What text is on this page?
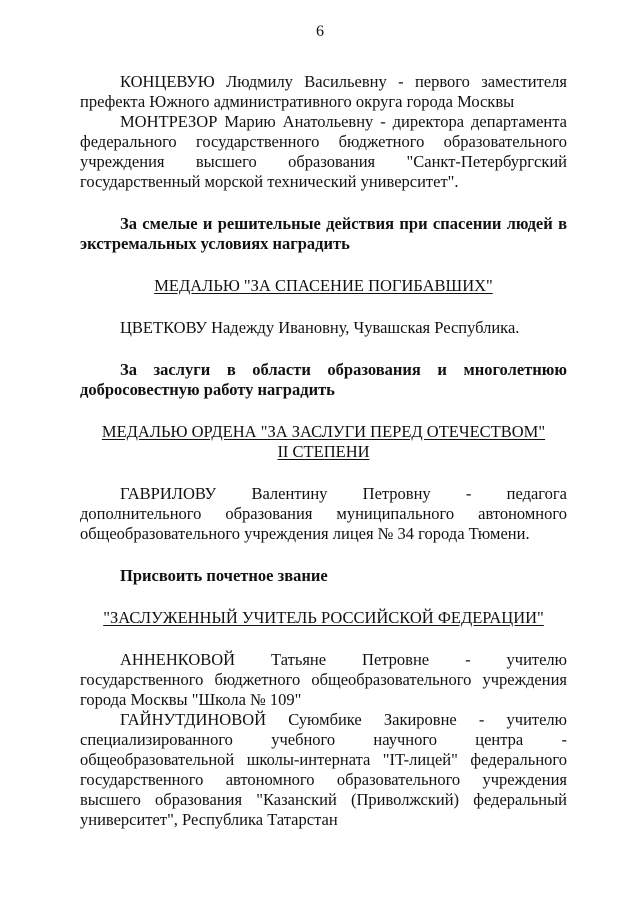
6

КОНЦЕВУЮ Людмилу Васильевну - первого заместителя префекта Южного административного округа города Москвы

МОНТРЕЗОР Марию Анатольевну - директора департамента федерального государственного бюджетного образовательного учреждения высшего образования "Санкт-Петербургский государственный морской технический университет".

За смелые и решительные действия при спасении людей в экстремальных условиях наградить

МЕДАЛЬЮ "ЗА СПАСЕНИЕ ПОГИБАВШИХ"

ЦВЕТКОВУ Надежду Ивановну, Чувашская Республика.

За заслуги в области образования и многолетнюю добросовестную работу наградить

МЕДАЛЬЮ ОРДЕНА "ЗА ЗАСЛУГИ ПЕРЕД ОТЕЧЕСТВОМ"
II СТЕПЕНИ

ГАВРИЛОВУ Валентину Петровну - педагога дополнительного образования муниципального автономного общеобразовательного учреждения лицея № 34 города Тюмени.

Присвоить почетное звание

"ЗАСЛУЖЕННЫЙ УЧИТЕЛЬ РОССИЙСКОЙ ФЕДЕРАЦИИ"

АННЕНКОВОЙ Татьяне Петровне - учителю государственного бюджетного общеобразовательного учреждения города Москвы "Школа № 109"

ГАЙНУТДИНОВОЙ Суюмбике Закировне - учителю специализированного учебного научного центра - общеобразовательной школы-интерната "IT-лицей" федерального государственного автономного образовательного учреждения высшего образования "Казанский (Приволжский) федеральный университет", Республика Татарстан
